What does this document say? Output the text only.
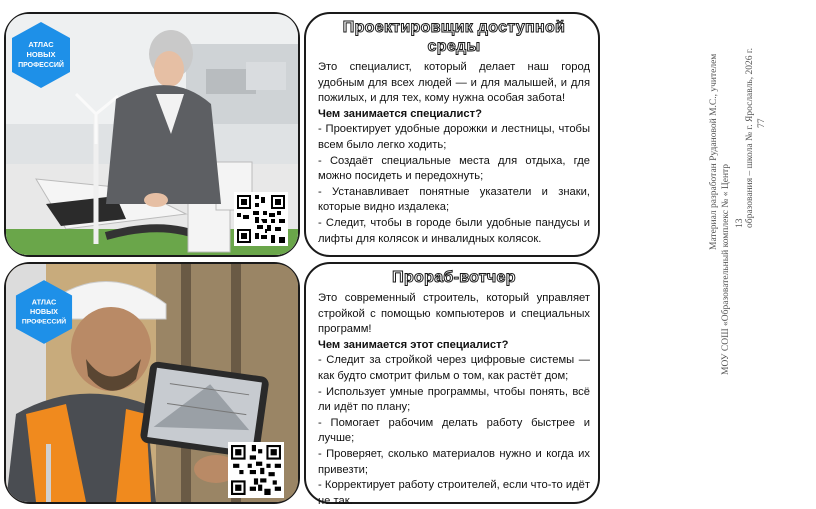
АТЛАС
НОВЫХ
ПРОФЕССИЙ
Проектировщик доступной среды

Это специалист, который делает наш город удобным для всех людей — и для малышей, и для пожилых, и для тех, кому нужна особая забота!

Чем занимается специалист?

- Проектирует удобные дорожки и лестницы, чтобы всем было легко ходить;

- Создаёт специальные места для отдыха, где можно посидеть и передохнуть;

- Устанавливает понятные указатели и знаки, которые видно издалека;

- Следит, чтобы в городе были удобные пандусы и лифты для колясок и инвалидных колясок.

АТЛАС
НОВЫХ
ПРОФЕССИЙ
Прораб-вотчер

Это современный строитель, который управляет стройкой с помощью компьютеров и специальных программ!

Чем занимается этот специалист?

- Следит за стройкой через цифровые системы — как будто смотрит фильм о том, как растёт дом;

- Использует умные программы, чтобы понять, всё ли идёт по плану;

- Помогает рабочим делать работу быстрее и лучше;

- Проверяет, сколько материалов нужно и когда их привезти;

- Корректирует работу строителей, если что-то идёт не так.

Материал разработан Рудановой М.С., учителем
МОУ СОШ «Образовательный комплекс № « Центр
образования – школа № г. Ярославль, 2026 г.
13
77
